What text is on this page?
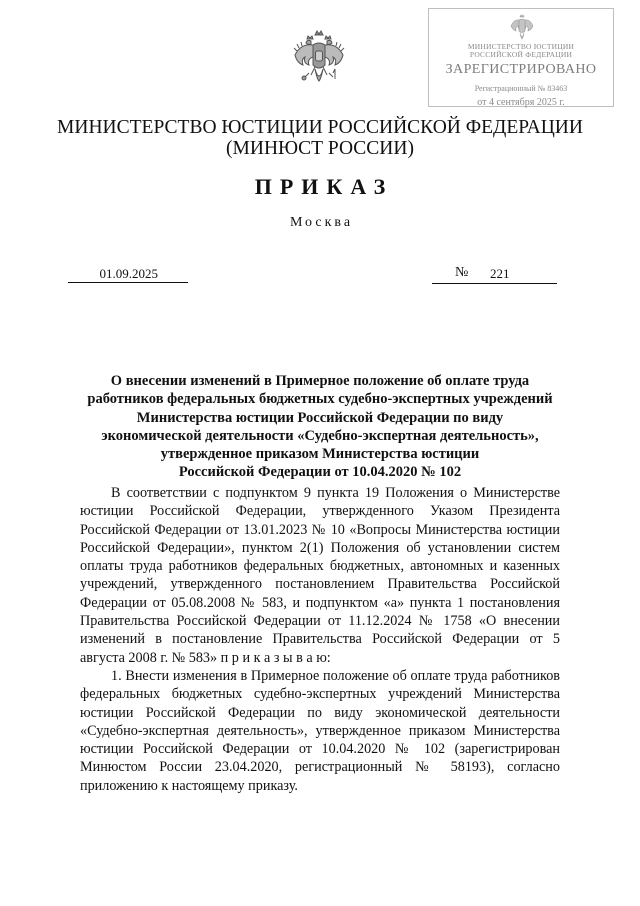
МИНИСТЕРСТВО ЮСТИЦИИ
РОССИЙСКОЙ ФЕДЕРАЦИИ
ЗАРЕГИСТРИРОВАНО
Регистрационный № 83463
от 4 сентября 2025 г.
МИНИСТЕРСТВО ЮСТИЦИИ РОССИЙСКОЙ ФЕДЕРАЦИИ
(МИНЮСТ РОССИИ)
ПРИКАЗ
Москва
01.09.2025	№ 221
О внесении изменений в Примерное положение об оплате труда
работников федеральных бюджетных судебно-экспертных учреждений
Министерства юстиции Российской Федерации по виду
экономической деятельности «Судебно-экспертная деятельность»,
утвержденное приказом Министерства юстиции
Российской Федерации от 10.04.2020 № 102

В соответствии с подпунктом 9 пункта 19 Положения о Министерстве юстиции Российской Федерации, утвержденного Указом Президента Российской Федерации от 13.01.2023 № 10 «Вопросы Министерства юстиции Российской Федерации», пунктом 2(1) Положения об установлении систем оплаты труда работников федеральных бюджетных, автономных и казенных учреждений, утвержденного постановлением Правительства Российской Федерации от 05.08.2008 № 583, и подпунктом «а» пункта 1 постановления Правительства Российской Федерации от 11.12.2024 № 1758 «О внесении изменений в постановление Правительства Российской Федерации от 5 августа 2008 г. № 583» п р и к а з ы в а ю:

1. Внести изменения в Примерное положение об оплате труда работников федеральных бюджетных судебно-экспертных учреждений Министерства юстиции Российской Федерации по виду экономической деятельности «Судебно-экспертная деятельность», утвержденное приказом Министерства юстиции Российской Федерации от 10.04.2020 № 102 (зарегистрирован Минюстом России 23.04.2020, регистрационный № 58193), согласно приложению к настоящему приказу.
